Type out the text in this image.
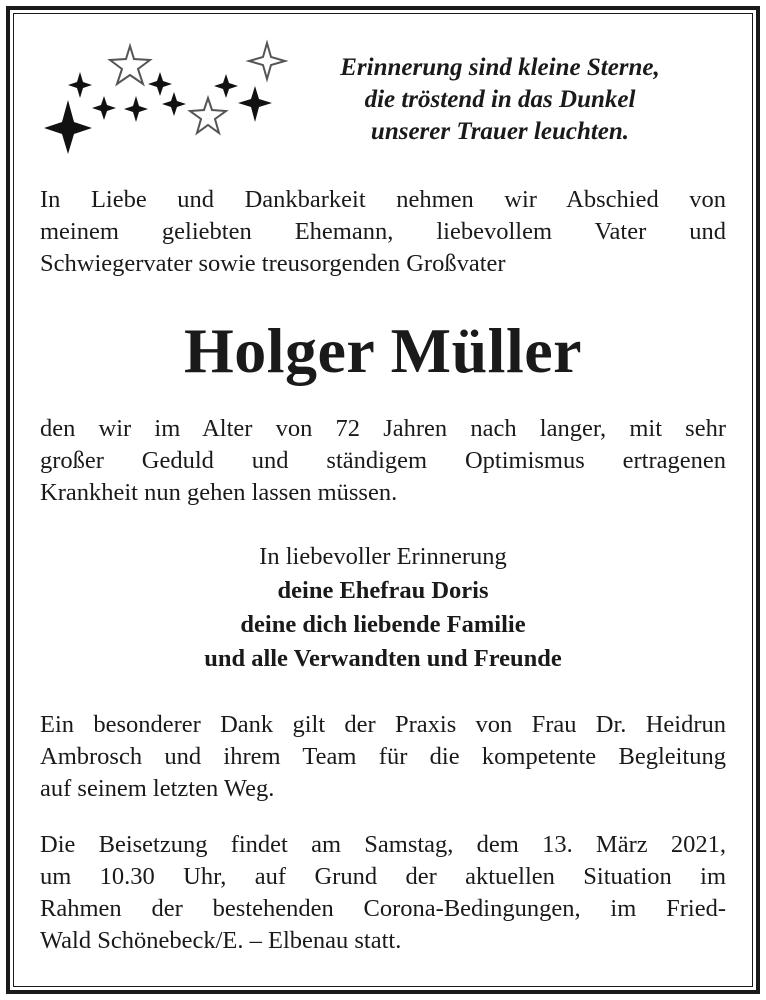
Erinnerung sind kleine Sterne,
die tröstend in das Dunkel
unserer Trauer leuchten.
In Liebe und Dankbarkeit nehmen wir Abschied von
meinem geliebten Ehemann, liebevollem Vater und
Schwiegervater sowie treusorgenden Großvater
Holger Müller
den wir im Alter von 72 Jahren nach langer, mit sehr
großer Geduld und ständigem Optimismus ertragenen
Krankheit nun gehen lassen müssen.
In liebevoller Erinnerung
deine Ehefrau Doris
deine dich liebende Familie
und alle Verwandten und Freunde
Ein besonderer Dank gilt der Praxis von Frau Dr. Heidrun
Ambrosch und ihrem Team für die kompetente Begleitung
auf seinem letzten Weg.
Die Beisetzung findet am Samstag, dem 13. März 2021,
um 10.30 Uhr, auf Grund der aktuellen Situation im
Rahmen der bestehenden Corona-Bedingungen, im Fried-
Wald Schönebeck/E. – Elbenau statt.
